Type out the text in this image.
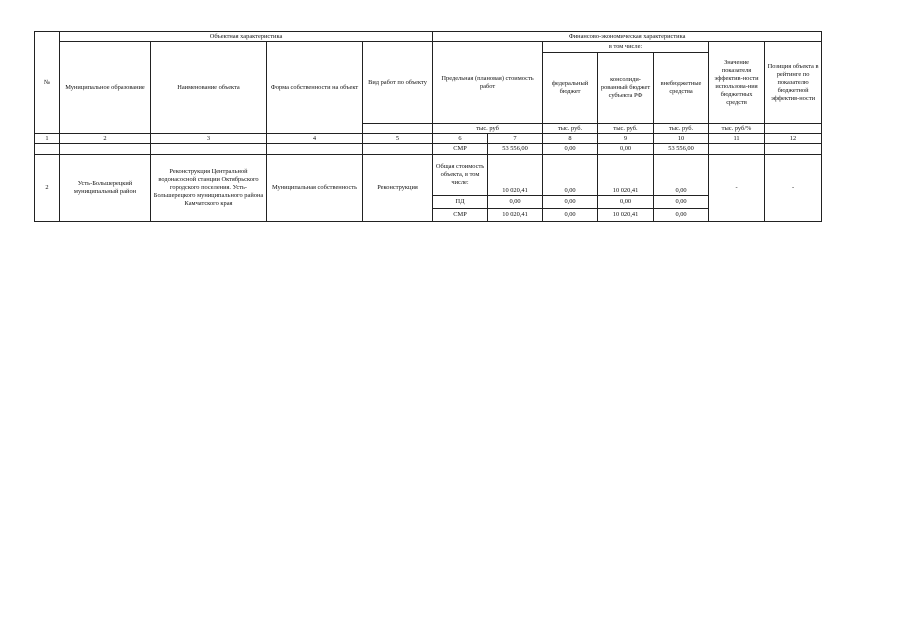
№	Объектная характеристика				Финансово-экономическая характеристика						
	Муниципальное образование	Наименование объекта	Форма собственности на объект	Вид работ по объекту	Предельная (плановая) стоимость работ		в том числе:			Значение показателя эффектив-ности использова-ния бюджетных средств	Позиция объекта в рейтинге по показателю бюджетной эффектив-ности
							федеральный бюджет	консолиди-рованный бюджет субъекта РФ	внебюджетные средства		
					тыс. руб		тыс. руб.	тыс. руб.	тыс. руб.	тыс. руб/%	
1	2	3	4	5	6	7	8	9	10	11	12
					СМР	53 556,00	0,00	0,00	53 556,00		
2	Усть-Большерецкий муниципальный район	Реконструкция Центральной водонасосной станции Октябрьского городского поселения. Усть-Большерецкого муниципального района Камчатского края	Муниципальная собственность	Реконструкция	Общая стоимость объекта, в том числе:	10 020,41	0,00	10 020,41	0,00	-	-
					ПД	0,00	0,00	0,00	0,00		
					СМР	10 020,41	0,00	10 020,41	0,00		
